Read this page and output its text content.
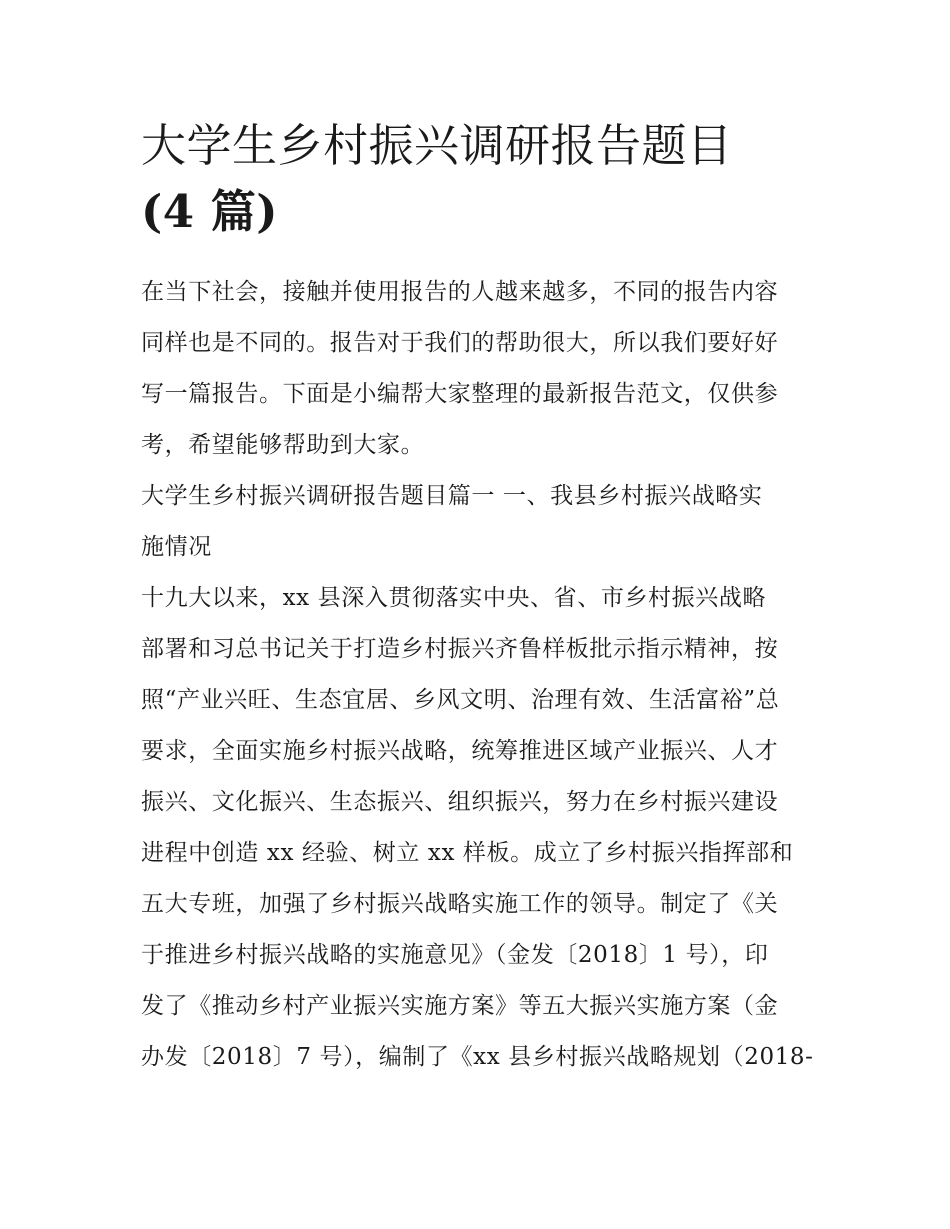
大学生乡村振兴调研报告题目
(4 篇)

在当下社会，接触并使用报告的人越来越多，不同的报告内容
同样也是不同的。报告对于我们的帮助很大，所以我们要好好
写一篇报告。下面是小编帮大家整理的最新报告范文，仅供参
考，希望能够帮助到大家。

大学生乡村振兴调研报告题目篇一 一、我县乡村振兴战略实
施情况

十九大以来，xx 县深入贯彻落实中央、省、市乡村振兴战略
部署和习总书记关于打造乡村振兴齐鲁样板批示指示精神，按
照“产业兴旺、生态宜居、乡风文明、治理有效、生活富裕”总
要求，全面实施乡村振兴战略，统筹推进区域产业振兴、人才
振兴、文化振兴、生态振兴、组织振兴，努力在乡村振兴建设
进程中创造 xx 经验、树立 xx 样板。成立了乡村振兴指挥部和
五大专班，加强了乡村振兴战略实施工作的领导。制定了《关
于推进乡村振兴战略的实施意见》（金发〔2018〕1 号），印
发了《推动乡村产业振兴实施方案》等五大振兴实施方案（金
办发〔2018〕7 号），编制了《xx 县乡村振兴战略规划（2018-
